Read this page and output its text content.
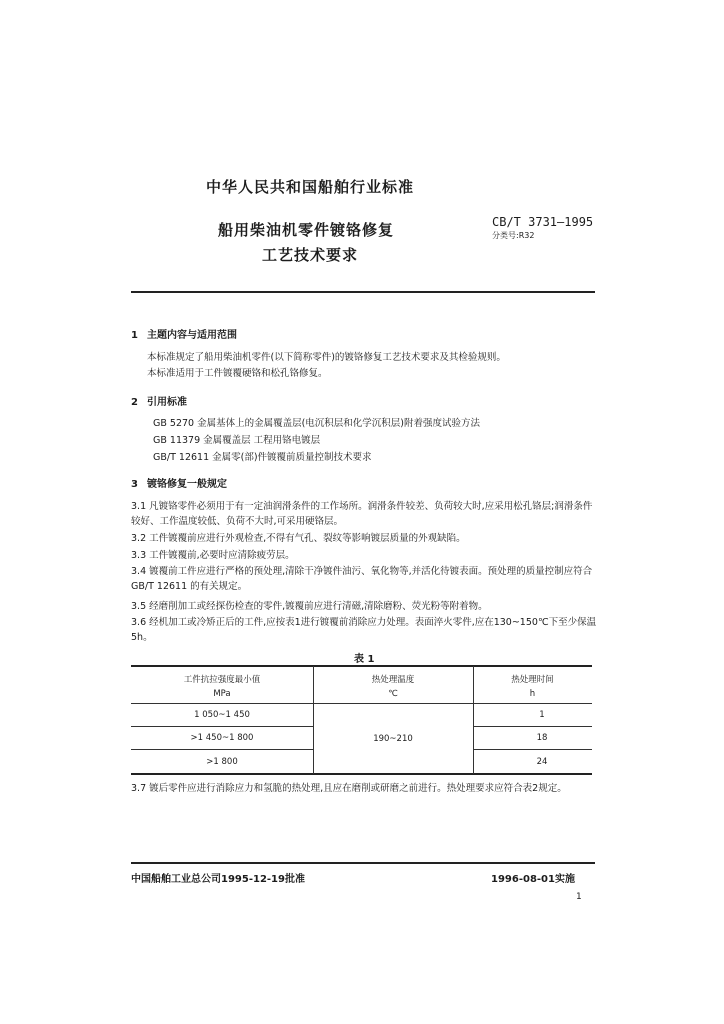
中华人民共和国船舶行业标准
船用柴油机零件镀铬修复
工艺技术要求
CB/T 3731—1995
分类号:R32
1 主题内容与适用范围
本标准规定了船用柴油机零件(以下简称零件)的镀铬修复工艺技术要求及其检验规则。
本标准适用于工件镀覆硬铬和松孔铬修复。
2 引用标准
GB 5270 金属基体上的金属覆盖层(电沉积层和化学沉积层)附着强度试验方法
GB 11379 金属覆盖层 工程用铬电镀层
GB/T 12611 金属零(部)件镀覆前质量控制技术要求
3 镀铬修复一般规定
3.1 凡镀铬零件必须用于有一定油润滑条件的工作场所。润滑条件较差、负荷较大时,应采用松孔铬层;润滑条件较好、工作温度较低、负荷不大时,可采用硬铬层。
3.2 工件镀覆前应进行外观检查,不得有气孔、裂纹等影响镀层质量的外观缺陷。
3.3 工件镀覆前,必要时应清除疲劳层。
3.4 镀覆前工件应进行严格的预处理,清除干净镀件油污、氧化物等,并活化待镀表面。预处理的质量控制应符合 GB/T 12611 的有关规定。
3.5 经磨削加工或经探伤检查的零件,镀覆前应进行清磁,清除磨粉、荧光粉等附着物。
3.6 经机加工或冷矫正后的工件,应按表1进行镀覆前消除应力处理。表面淬火零件,应在130~150℃下至少保温5h。
表 1
工件抗拉强度最小值
MPa
热处理温度
℃
热处理时间
h
1 050~1 450
>1 450~1 800
>1 800
190~210
1
18
24
3.7 镀后零件应进行消除应力和氢脆的热处理,且应在磨削或研磨之前进行。热处理要求应符合表2规定。
中国船舶工业总公司1995-12-19批准	1996-08-01实施
1
